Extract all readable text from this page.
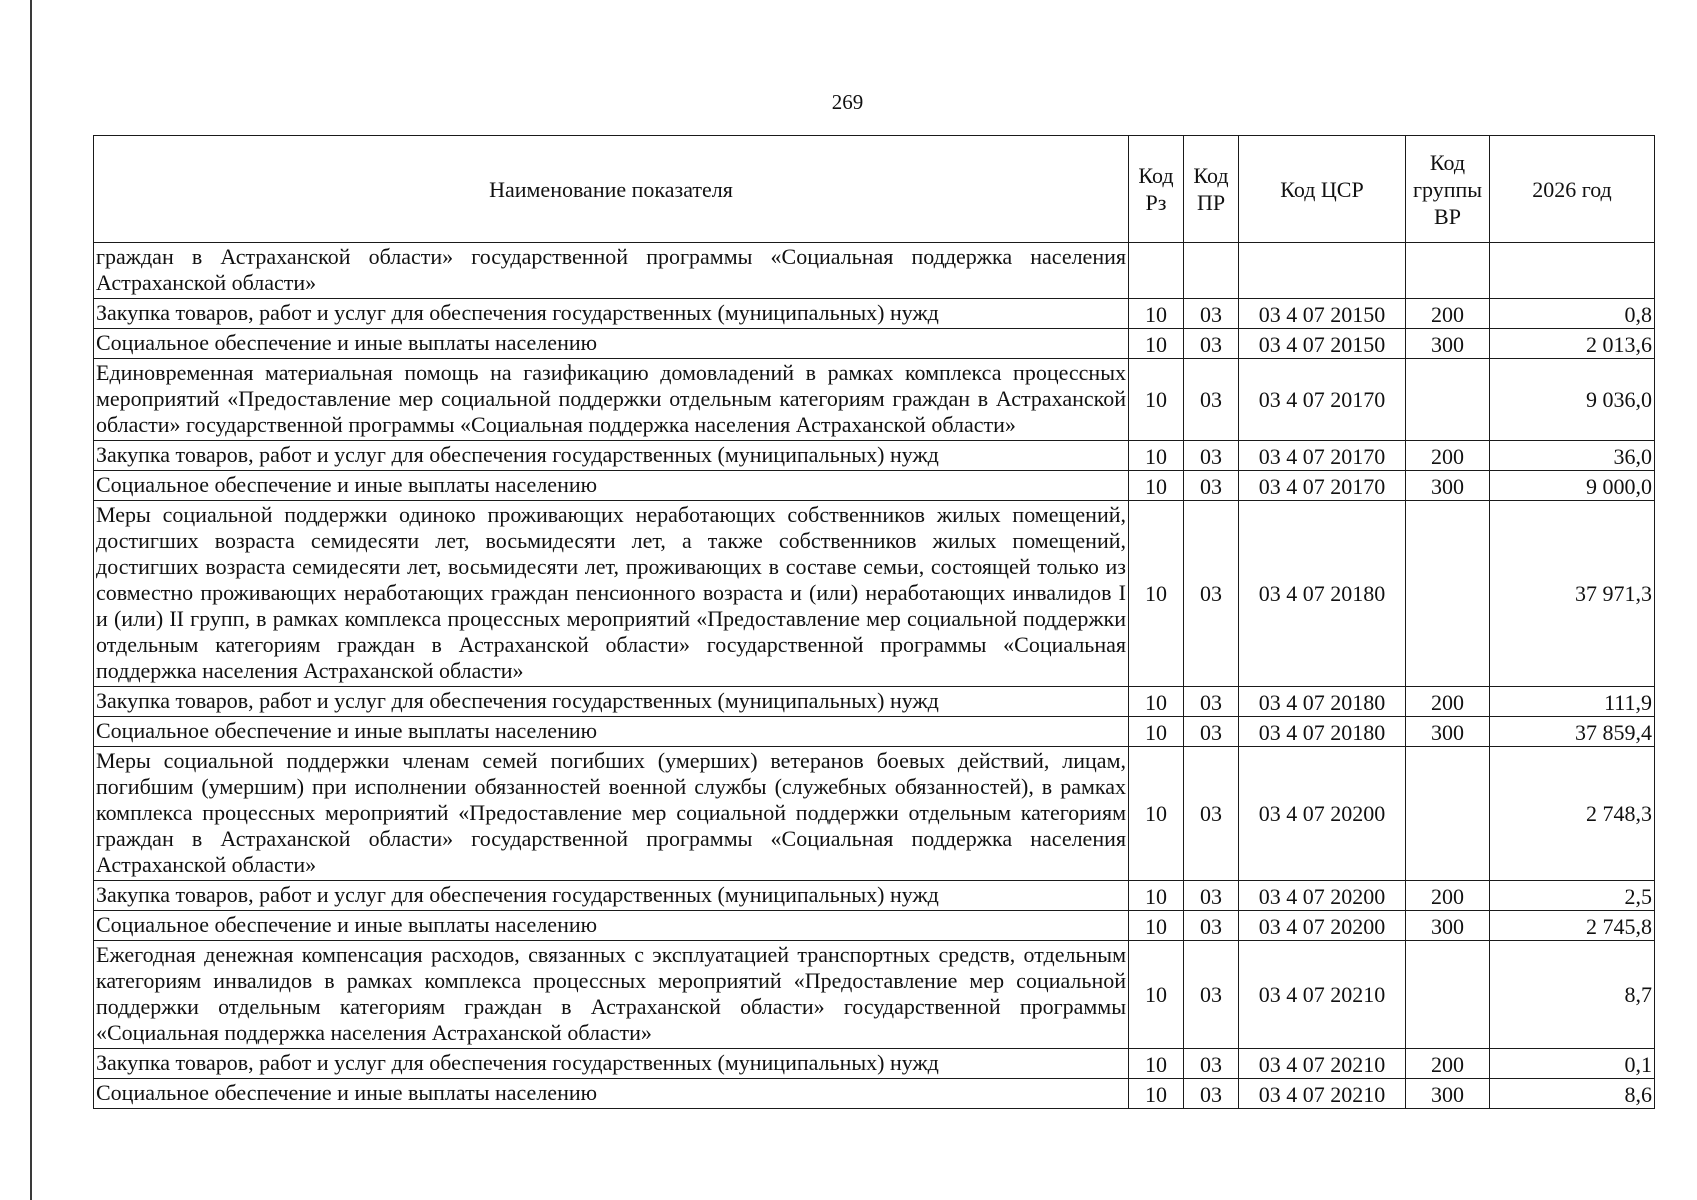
269
Наименование показателя	Код Рз	Код ПР	Код ЦСР	Код группы ВР	2026 год
граждан в Астраханской области» государственной программы «Социальная поддержка населения Астраханской области»					
Закупка товаров, работ и услуг для обеспечения государственных (муниципальных) нужд	10	03	03 4 07 20150	200	0,8
Социальное обеспечение и иные выплаты населению	10	03	03 4 07 20150	300	2 013,6
Единовременная материальная помощь на газификацию домовладений в рамках комплекса процессных мероприятий «Предоставление мер социальной поддержки отдельным категориям граждан в Астраханской области» государственной программы «Социальная поддержка населения Астраханской области»	10	03	03 4 07 20170		9 036,0
Закупка товаров, работ и услуг для обеспечения государственных (муниципальных) нужд	10	03	03 4 07 20170	200	36,0
Социальное обеспечение и иные выплаты населению	10	03	03 4 07 20170	300	9 000,0
Меры социальной поддержки одиноко проживающих неработающих собственников жилых помещений, достигших возраста семидесяти лет, восьмидесяти лет, а также собственников жилых помещений, достигших возраста семидесяти лет, восьмидесяти лет, проживающих в составе семьи, состоящей только из совместно проживающих неработающих граждан пенсионного возраста и (или) неработающих инвалидов I и (или) II групп, в рамках комплекса процессных мероприятий «Предоставление мер социальной поддержки отдельным категориям граждан в Астраханской области» государственной программы «Социальная поддержка населения Астраханской области»	10	03	03 4 07 20180		37 971,3
Закупка товаров, работ и услуг для обеспечения государственных (муниципальных) нужд	10	03	03 4 07 20180	200	111,9
Социальное обеспечение и иные выплаты населению	10	03	03 4 07 20180	300	37 859,4
Меры социальной поддержки членам семей погибших (умерших) ветеранов боевых действий, лицам, погибшим (умершим) при исполнении обязанностей военной службы (служебных обязанностей), в рамках комплекса процессных мероприятий «Предоставление мер социальной поддержки отдельным категориям граждан в Астраханской области» государственной программы «Социальная поддержка населения Астраханской области»	10	03	03 4 07 20200		2 748,3
Закупка товаров, работ и услуг для обеспечения государственных (муниципальных) нужд	10	03	03 4 07 20200	200	2,5
Социальное обеспечение и иные выплаты населению	10	03	03 4 07 20200	300	2 745,8
Ежегодная денежная компенсация расходов, связанных с эксплуатацией транспортных средств, отдельным категориям инвалидов в рамках комплекса процессных мероприятий «Предоставление мер социальной поддержки отдельным категориям граждан в Астраханской области» государственной программы «Социальная поддержка населения Астраханской области»	10	03	03 4 07 20210		8,7
Закупка товаров, работ и услуг для обеспечения государственных (муниципальных) нужд	10	03	03 4 07 20210	200	0,1
Социальное обеспечение и иные выплаты населению	10	03	03 4 07 20210	300	8,6
